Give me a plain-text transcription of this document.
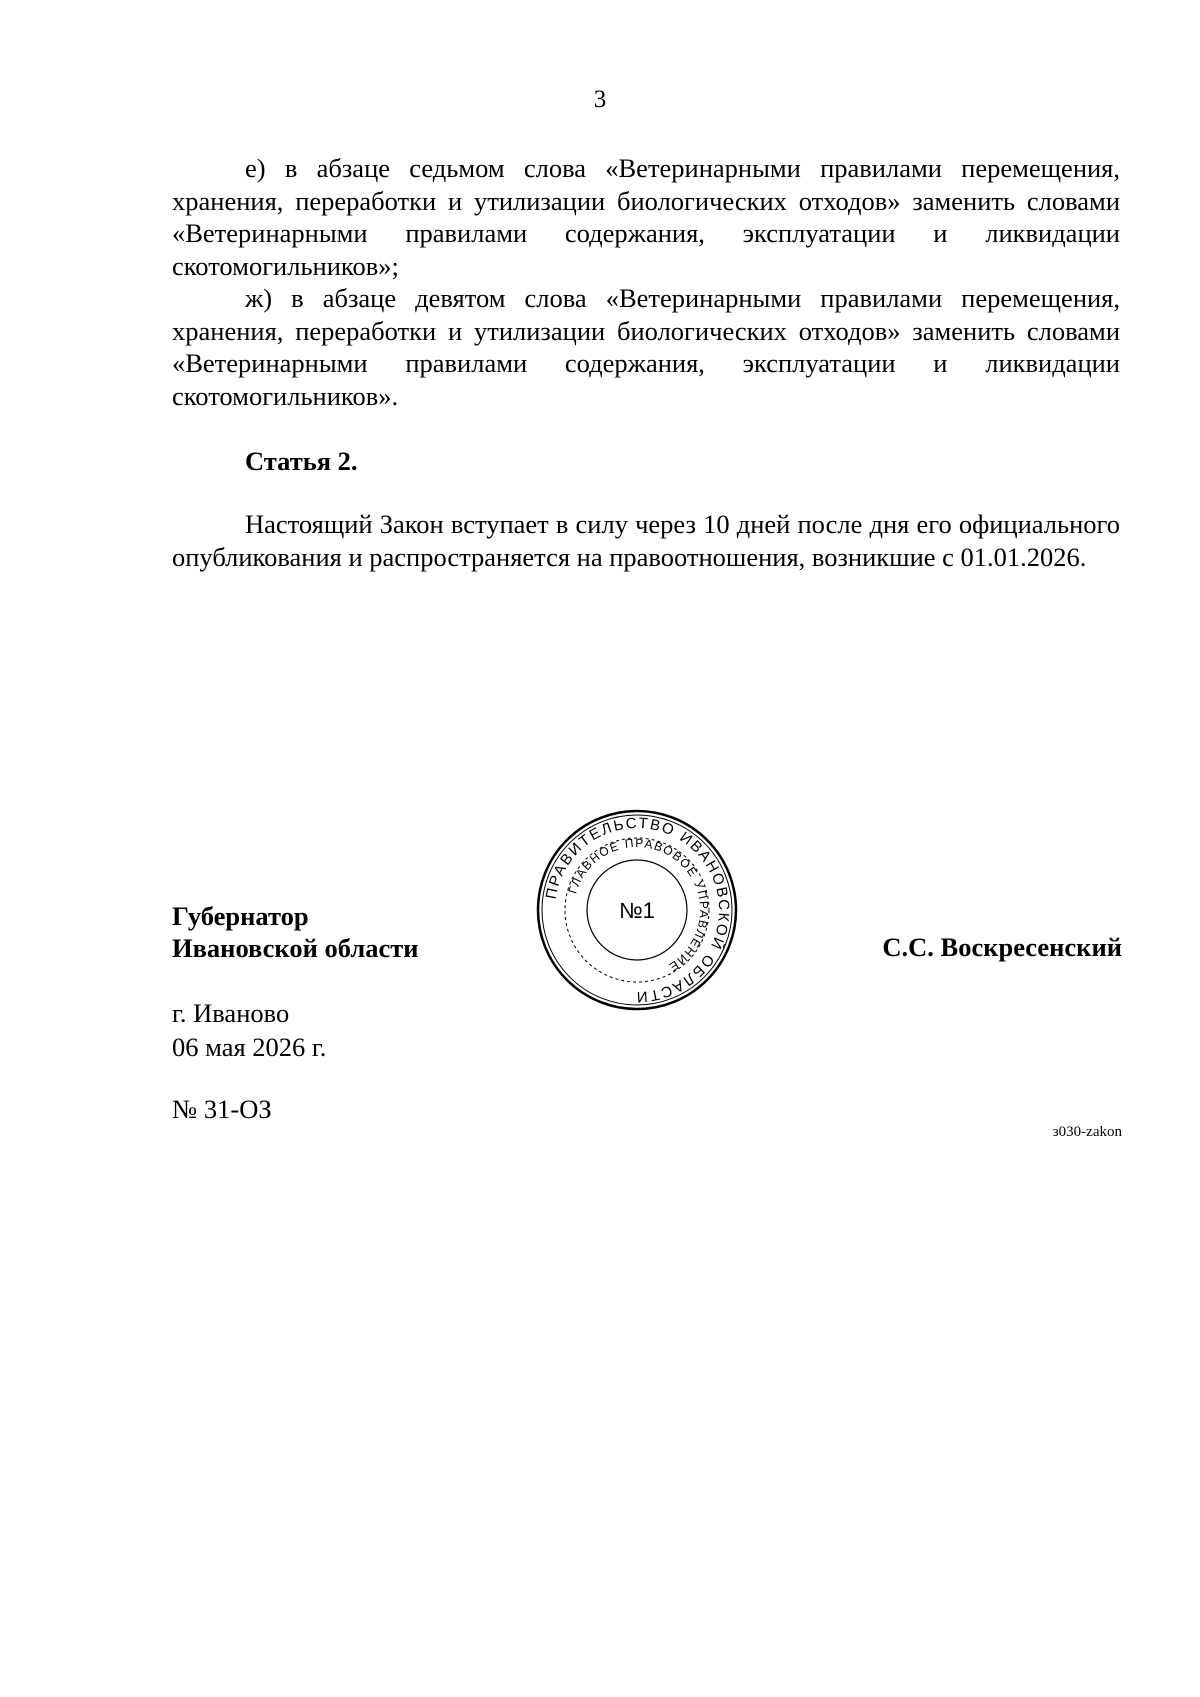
3

е) в абзаце седьмом слова «Ветеринарными правилами перемещения, хранения, переработки и утилизации биологических отходов» заменить словами «Ветеринарными правилами содержания, эксплуатации и ликвидации скотомогильников»;

ж) в абзаце девятом слова «Ветеринарными правилами перемещения, хранения, переработки и утилизации биологических отходов» заменить словами «Ветеринарными правилами содержания, эксплуатации и ликвидации скотомогильников».

Статья 2.

Настоящий Закон вступает в силу через 10 дней после дня его официального опубликования и распространяется на правоотношения, возникшие с 01.01.2026.

Губернатор
Ивановской области
ПРАВИТЕЛЬСТВО ИВАНОВСКОЙ ОБЛАСТИ
ГЛАВНОЕ ПРАВОВОЕ УПРАВЛЕНИЕ
№1
С.С. Воскресенский
г. Иваново
06 мая 2026 г.
№ 31-ОЗ
з030-zakon
